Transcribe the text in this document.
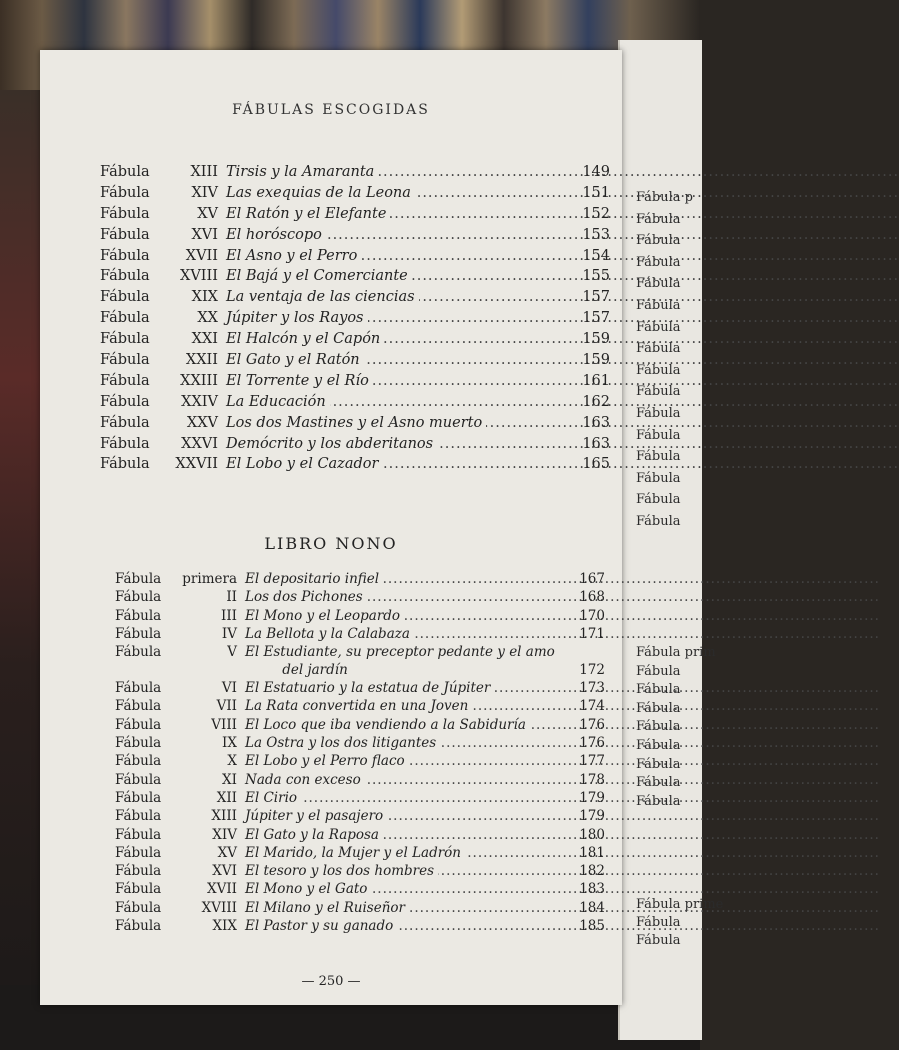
Fábula p
Fábula
Fábula
Fábula
Fábula
Fábula
Fábula
Fábula
Fábula
Fábula
Fábula
Fábula
Fábula
Fábula
Fábula
Fábula
Fábula prim
Fábula
Fábula
Fábula
Fábula
Fábula
Fábula
Fábula
Fábula
Fábula prime
Fábula
Fábula
FÁBULAS ESCOGIDAS
Fábula	XIII Tirsis y la Amaranta .....	149
Fábula	XIV Las exequias de la Leona .....	151
Fábula	XV El Ratón y el Elefante .....	152
Fábula	XVI El horóscopo .....	153
Fábula	XVII El Asno y el Perro .....	154
Fábula	XVIII El Bajá y el Comerciante .....	155
Fábula	XIX La ventaja de las ciencias .....	157
Fábula	XX Júpiter y los Rayos .....	157
Fábula	XXI El Halcón y el Capón .....	159
Fábula	XXII El Gato y el Ratón .....	159
Fábula	XXIII El Torrente y el Río .....	161
Fábula	XXIV La Educación .....	162
Fábula	XXV Los dos Mastines y el Asno muerto .....	163
Fábula	XXVI Demócrito y los abderitanos .....	163
Fábula	XXVII El Lobo y el Cazador .....	165
LIBRO NONO
Fábula	primera El depositario infiel .....	167
Fábula	II Los dos Pichones .....	168
Fábula	III El Mono y el Leopardo .....	170
Fábula	IV La Bellota y la Calabaza .....	171
Fábula	V El Estudiante, su preceptor pedante y el amo
del jardín	172
Fábula	VI El Estatuario y la estatua de Júpiter .....	173
Fábula	VII La Rata convertida en una Joven .....	174
Fábula	VIII El Loco que iba vendiendo a la Sabiduría .....	176
Fábula	IX La Ostra y los dos litigantes .....	176
Fábula	X El Lobo y el Perro flaco .....	177
Fábula	XI Nada con exceso .....	178
Fábula	XII El Cirio .....	179
Fábula	XIII Júpiter y el pasajero .....	179
Fábula	XIV El Gato y la Raposa .....	180
Fábula	XV El Marido, la Mujer y el Ladrón .....	181
Fábula	XVI El tesoro y los dos hombres .....	182
Fábula	XVII El Mono y el Gato .....	183
Fábula	XVIII El Milano y el Ruiseñor .....	184
Fábula	XIX El Pastor y su ganado .....	185
— 250 —
